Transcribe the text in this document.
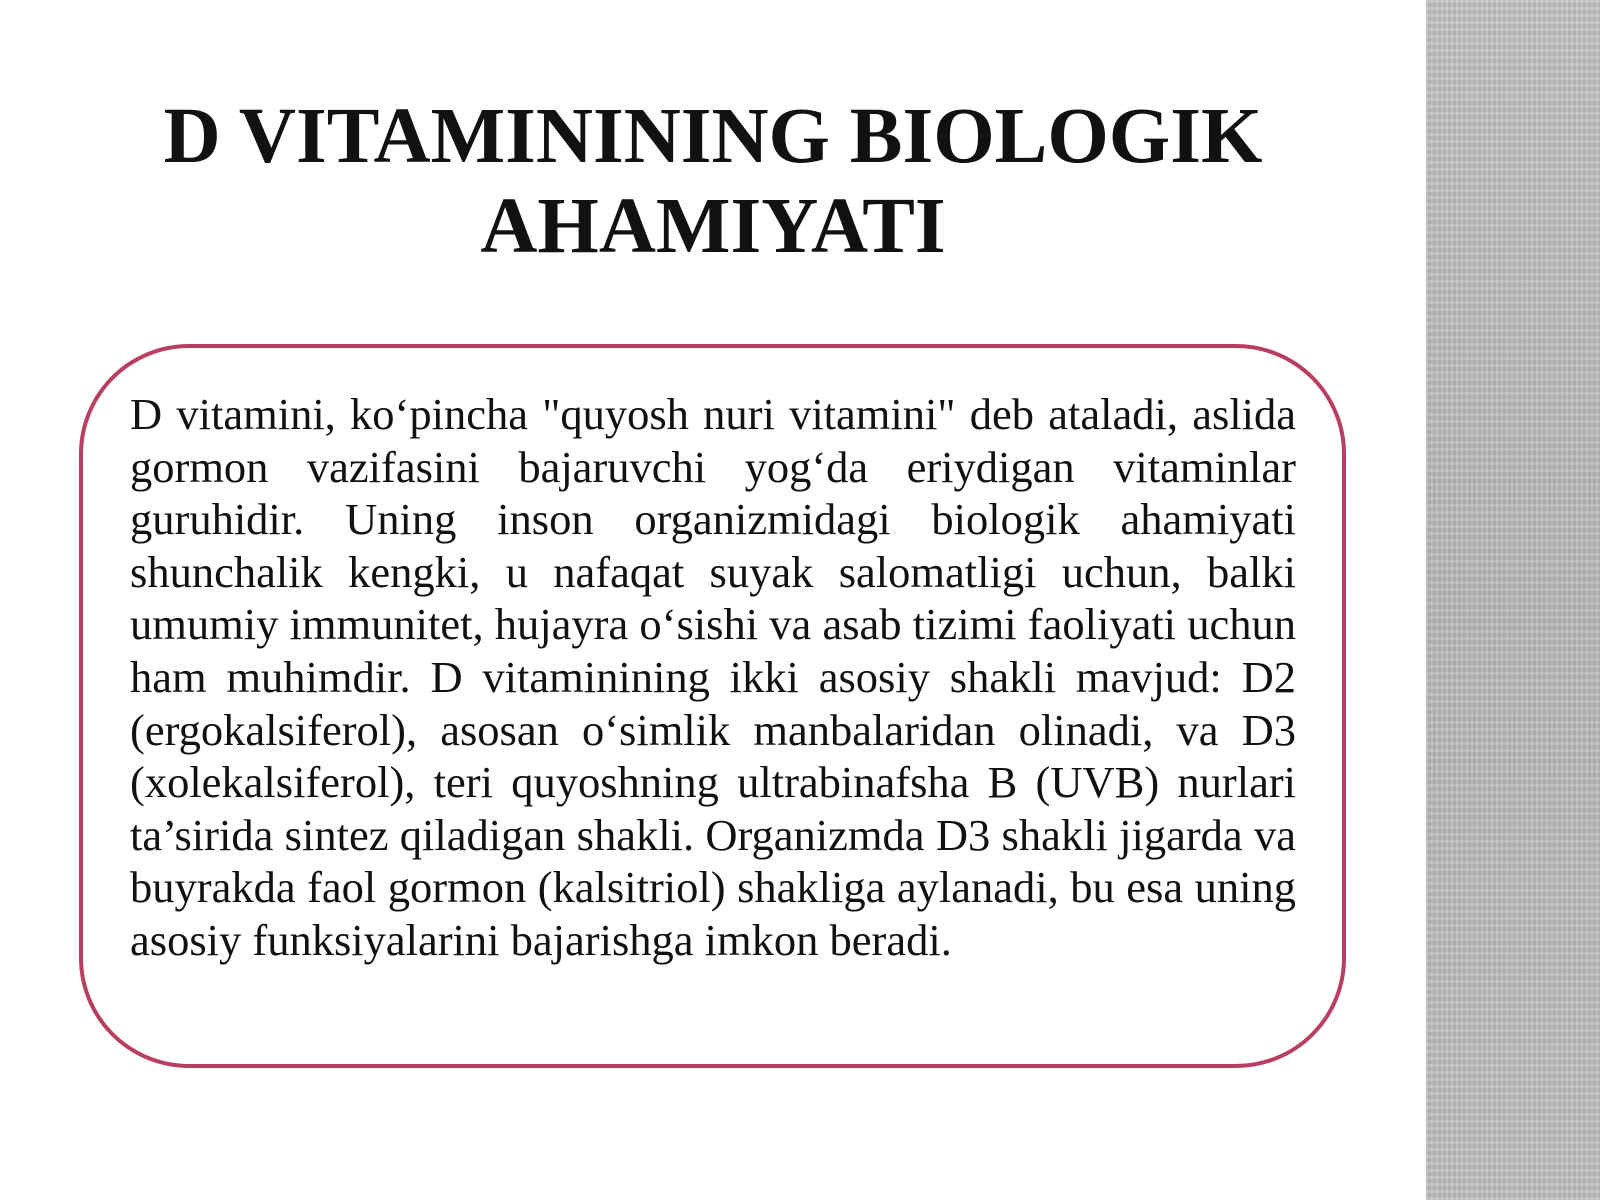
D VITAMININING BIOLOGIK
AHAMIYATI

D vitamini, ko‘pincha "quyosh nuri vitamini" deb ataladi, aslida gormon vazifasini bajaruvchi yog‘da eriydigan vitaminlar guruhidir. Uning inson organizmidagi biologik ahamiyati shunchalik kengki, u nafaqat suyak salomatligi uchun, balki umumiy immunitet, hujayra o‘sishi va asab tizimi faoliyati uchun ham muhimdir. D vitaminining ikki asosiy shakli mavjud: D2 (ergokalsiferol), asosan o‘simlik manbalaridan olinadi, va D3 (xolekalsiferol), teri quyoshning ultrabinafsha B (UVB) nurlari ta’sirida sintez qiladigan shakli. Organizmda D3 shakli jigarda va buyrakda faol gormon (kalsitriol) shakliga aylanadi, bu esa uning asosiy funksiyalarini bajarishga imkon beradi.
